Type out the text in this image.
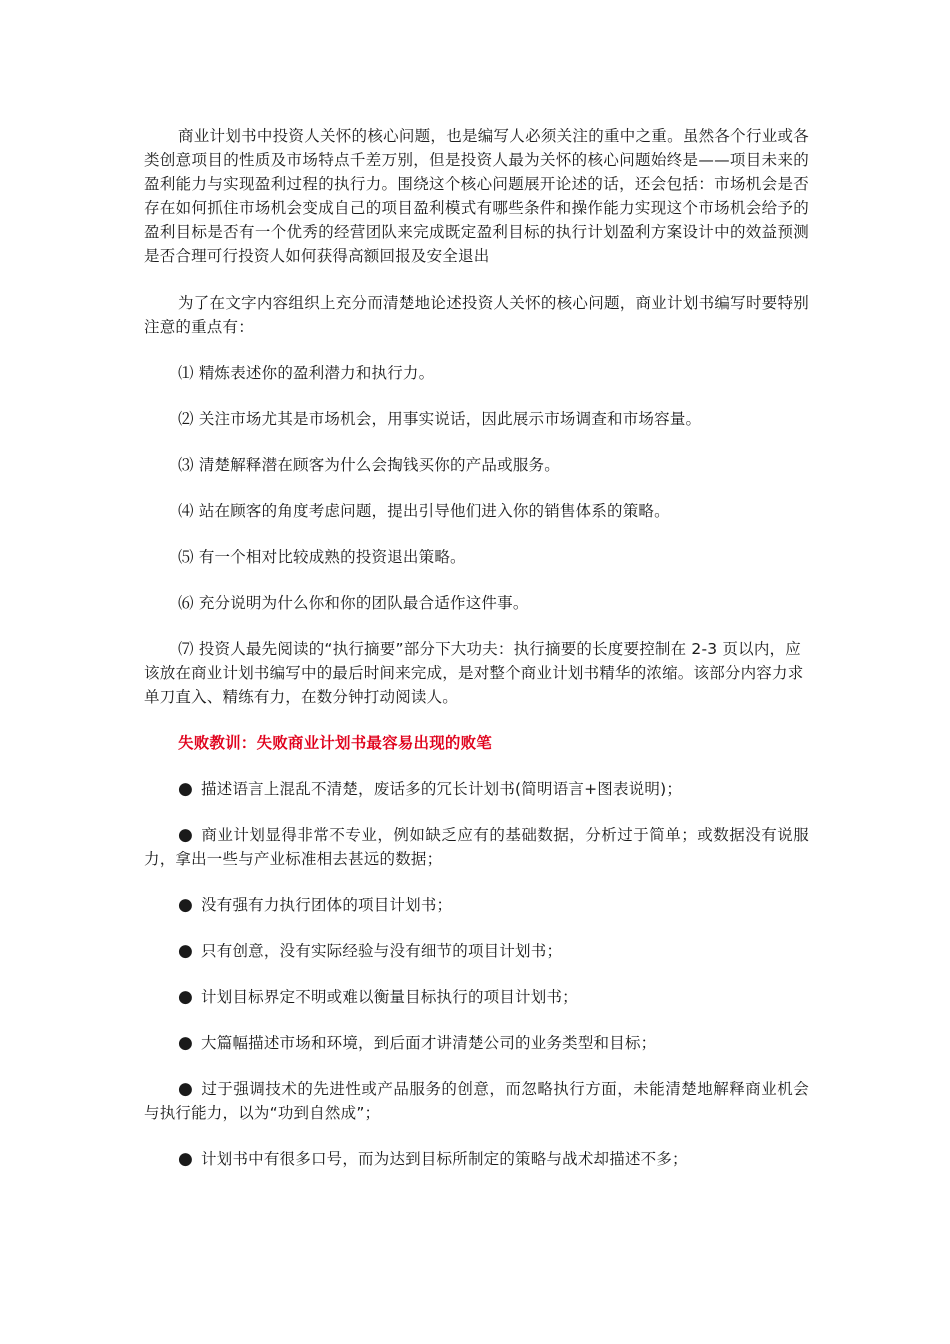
商业计划书中投资人关怀的核心问题，也是编写人必须关注的重中之重。虽然各个行业或各类创意项目的性质及市场特点千差万别，但是投资人最为关怀的核心问题始终是——项目未来的盈利能力与实现盈利过程的执行力。围绕这个核心问题展开论述的话，还会包括：市场机会是否存在如何抓住市场机会变成自己的项目盈利模式有哪些条件和操作能力实现这个市场机会给予的盈利目标是否有一个优秀的经营团队来完成既定盈利目标的执行计划盈利方案设计中的效益预测是否合理可行投资人如何获得高额回报及安全退出

为了在文字内容组织上充分而清楚地论述投资人关怀的核心问题，商业计划书编写时要特别注意的重点有：

⑴ 精炼表述你的盈利潜力和执行力。

⑵ 关注市场尤其是市场机会，用事实说话，因此展示市场调查和市场容量。

⑶ 清楚解释潜在顾客为什么会掏钱买你的产品或服务。

⑷ 站在顾客的角度考虑问题，提出引导他们进入你的销售体系的策略。

⑸ 有一个相对比较成熟的投资退出策略。

⑹ 充分说明为什么你和你的团队最合适作这件事。

⑺ 投资人最先阅读的“执行摘要”部分下大功夫：执行摘要的长度要控制在 2-3 页以内，应该放在商业计划书编写中的最后时间来完成，是对整个商业计划书精华的浓缩。该部分内容力求单刀直入、精练有力，在数分钟打动阅读人。

失败教训：失败商业计划书最容易出现的败笔

● 描述语言上混乱不清楚，废话多的冗长计划书(简明语言+图表说明)；

● 商业计划显得非常不专业，例如缺乏应有的基础数据，分析过于简单；或数据没有说服力，拿出一些与产业标准相去甚远的数据；

● 没有强有力执行团体的项目计划书；

● 只有创意，没有实际经验与没有细节的项目计划书；

● 计划目标界定不明或难以衡量目标执行的项目计划书；

● 大篇幅描述市场和环境，到后面才讲清楚公司的业务类型和目标；

● 过于强调技术的先进性或产品服务的创意，而忽略执行方面，未能清楚地解释商业机会与执行能力，以为“功到自然成”；

● 计划书中有很多口号，而为达到目标所制定的策略与战术却描述不多；
